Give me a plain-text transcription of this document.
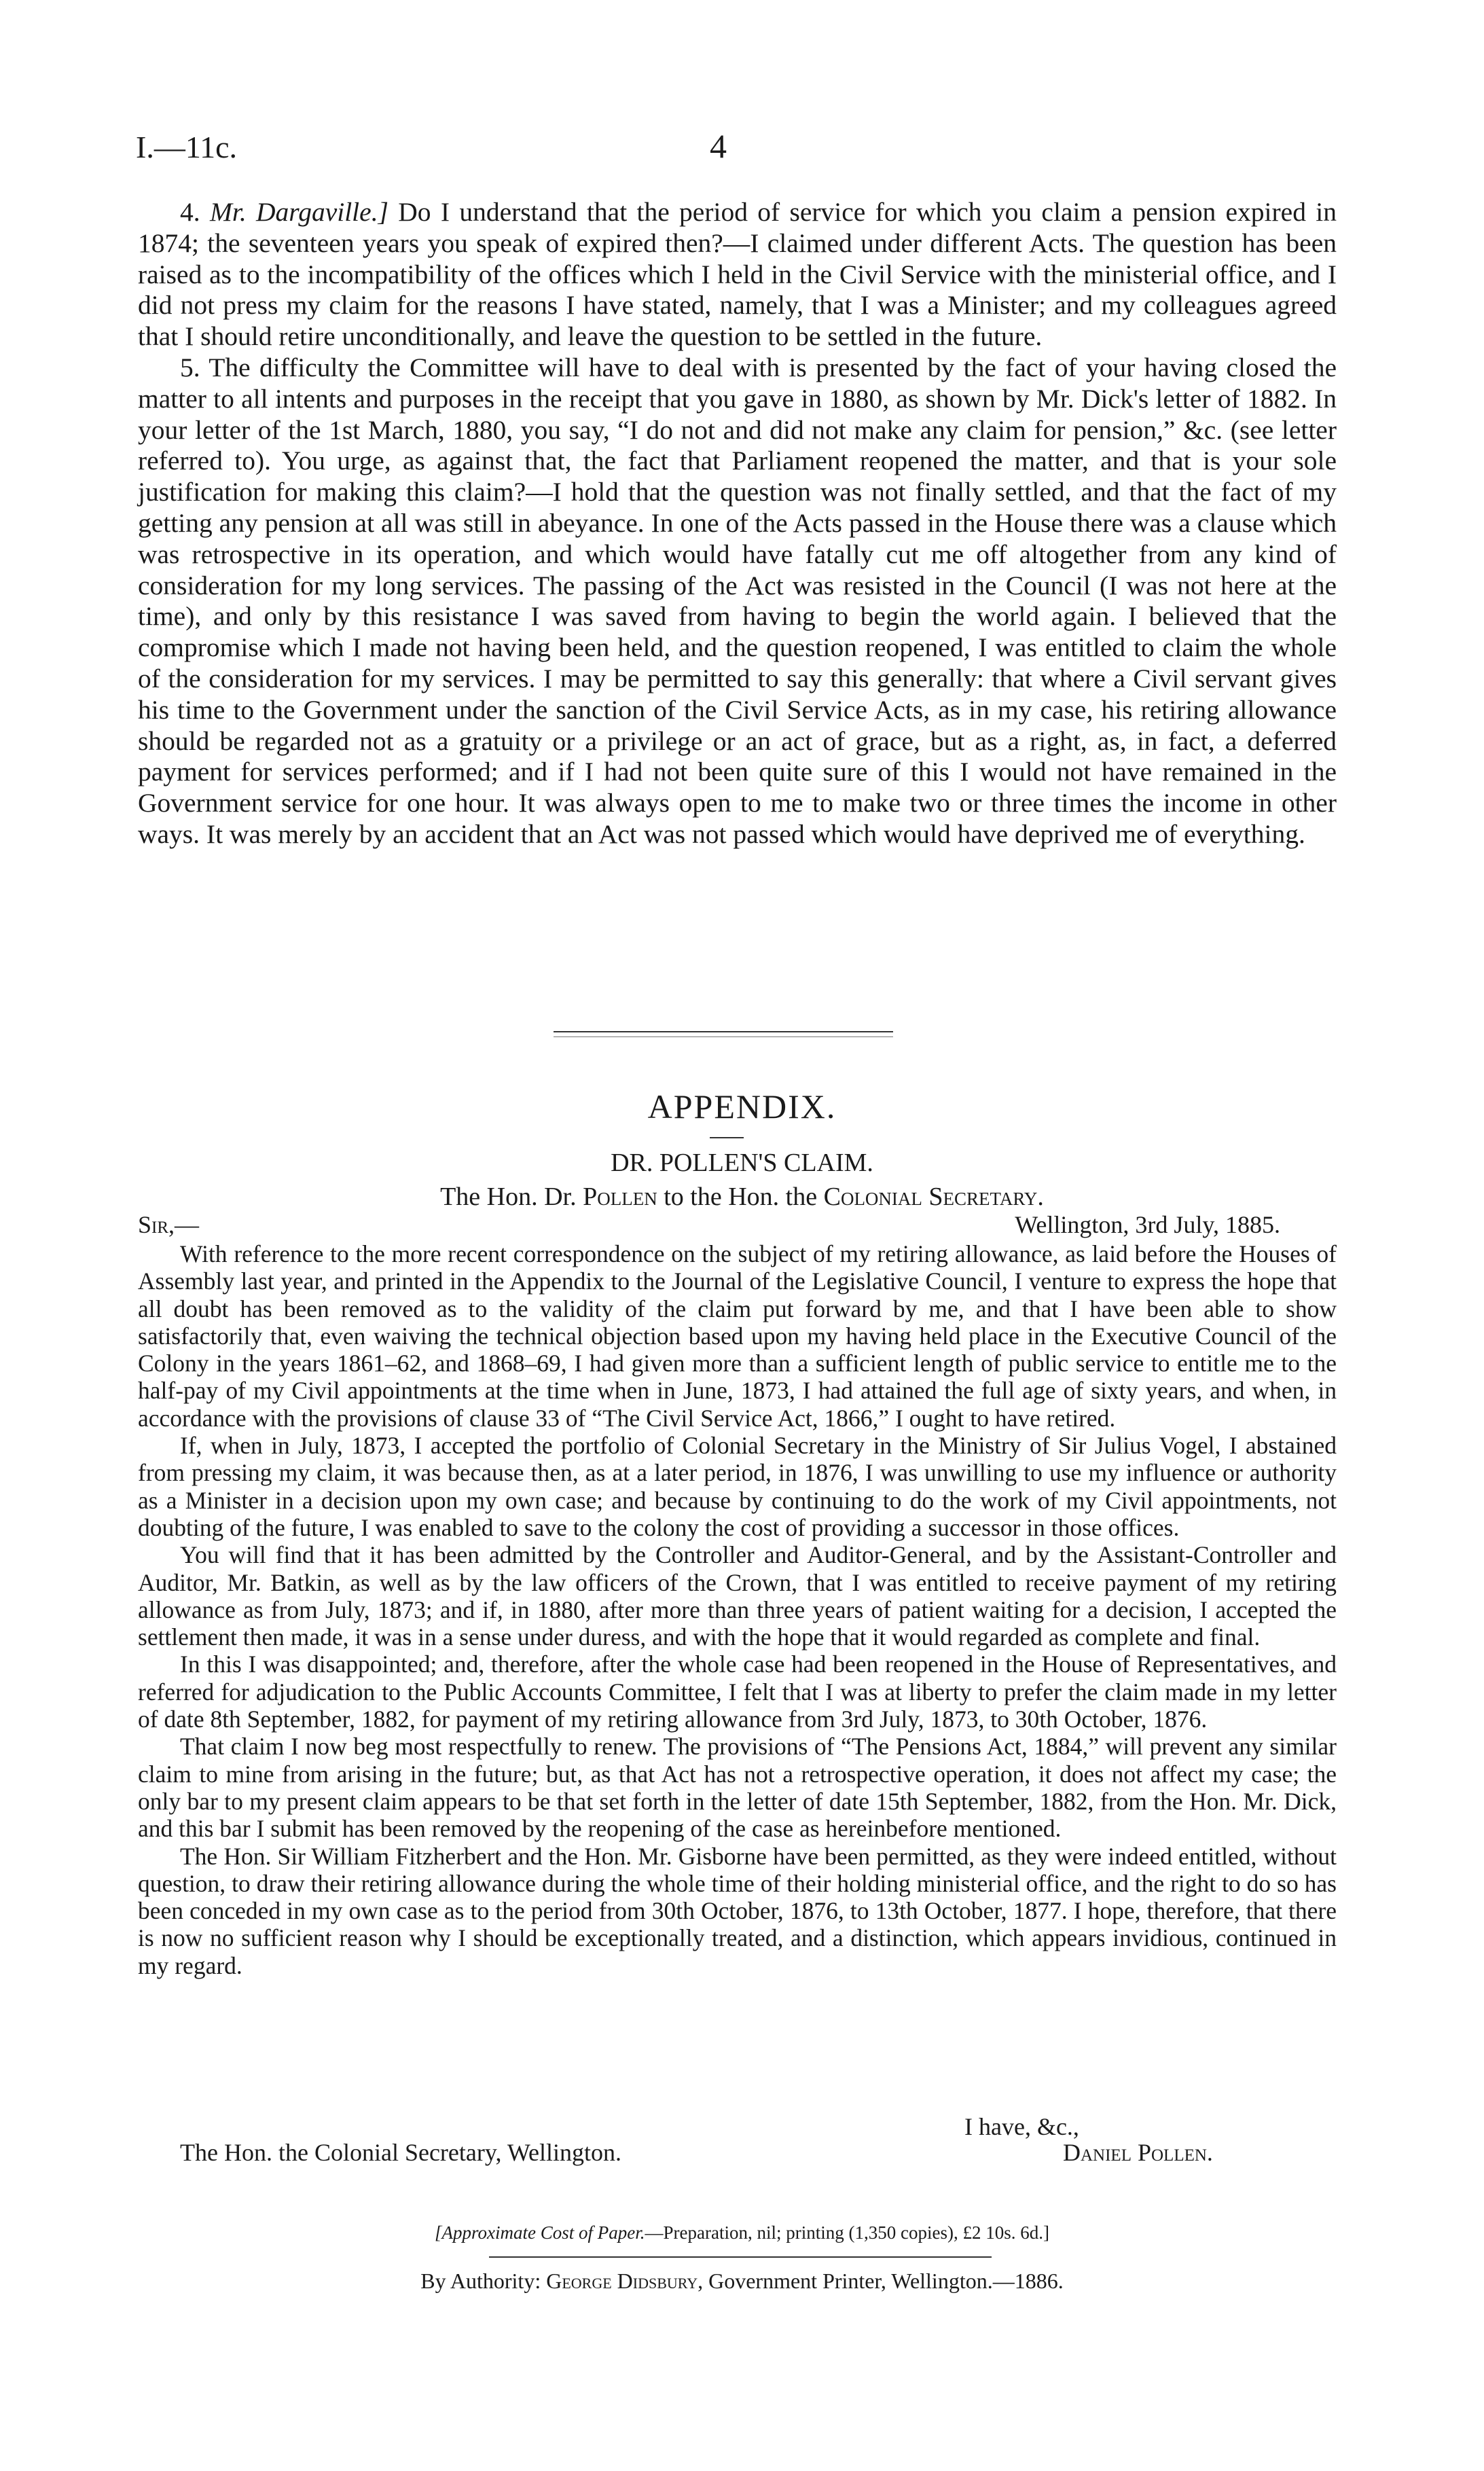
I.—11c.	4

4. Mr. Dargaville.] Do I understand that the period of service for which you claim a pension expired in 1874; the seventeen years you speak of expired then?—I claimed under different Acts. The question has been raised as to the incompatibility of the offices which I held in the Civil Service with the ministerial office, and I did not press my claim for the reasons I have stated, namely, that I was a Minister; and my colleagues agreed that I should retire unconditionally, and leave the question to be settled in the future.

5. The difficulty the Committee will have to deal with is presented by the fact of your having closed the matter to all intents and purposes in the receipt that you gave in 1880, as shown by Mr. Dick's letter of 1882. In your letter of the 1st March, 1880, you say, “I do not and did not make any claim for pension,” &c. (see letter referred to). You urge, as against that, the fact that Parliament reopened the matter, and that is your sole justification for making this claim?—I hold that the question was not finally settled, and that the fact of my getting any pension at all was still in abeyance. In one of the Acts passed in the House there was a clause which was retrospective in its operation, and which would have fatally cut me off altogether from any kind of consideration for my long services. The passing of the Act was resisted in the Council (I was not here at the time), and only by this resistance I was saved from having to begin the world again. I believed that the compromise which I made not having been held, and the question reopened, I was entitled to claim the whole of the consideration for my services. I may be permitted to say this generally: that where a Civil servant gives his time to the Government under the sanction of the Civil Service Acts, as in my case, his retiring allowance should be regarded not as a gratuity or a privilege or an act of grace, but as a right, as, in fact, a deferred payment for services performed; and if I had not been quite sure of this I would not have remained in the Government service for one hour. It was always open to me to make two or three times the income in other ways. It was merely by an accident that an Act was not passed which would have deprived me of everything.

APPENDIX.
DR. POLLEN'S CLAIM.
The Hon. Dr. Pollen to the Hon. the Colonial Secretary.
Sir,—	Wellington, 3rd July, 1885.

With reference to the more recent correspondence on the subject of my retiring allowance, as laid before the Houses of Assembly last year, and printed in the Appendix to the Journal of the Legislative Council, I venture to express the hope that all doubt has been removed as to the validity of the claim put forward by me, and that I have been able to show satisfactorily that, even waiving the technical objection based upon my having held place in the Executive Council of the Colony in the years 1861–62, and 1868–69, I had given more than a sufficient length of public service to entitle me to the half-pay of my Civil appointments at the time when in June, 1873, I had attained the full age of sixty years, and when, in accordance with the provisions of clause 33 of “The Civil Service Act, 1866,” I ought to have retired.

If, when in July, 1873, I accepted the portfolio of Colonial Secretary in the Ministry of Sir Julius Vogel, I abstained from pressing my claim, it was because then, as at a later period, in 1876, I was unwilling to use my influence or authority as a Minister in a decision upon my own case; and because by continuing to do the work of my Civil appointments, not doubting of the future, I was enabled to save to the colony the cost of providing a successor in those offices.

You will find that it has been admitted by the Controller and Auditor-General, and by the Assistant-Controller and Auditor, Mr. Batkin, as well as by the law officers of the Crown, that I was entitled to receive payment of my retiring allowance as from July, 1873; and if, in 1880, after more than three years of patient waiting for a decision, I accepted the settlement then made, it was in a sense under duress, and with the hope that it would regarded as complete and final.

In this I was disappointed; and, therefore, after the whole case had been reopened in the House of Representatives, and referred for adjudication to the Public Accounts Committee, I felt that I was at liberty to prefer the claim made in my letter of date 8th September, 1882, for payment of my retiring allowance from 3rd July, 1873, to 30th October, 1876.

That claim I now beg most respectfully to renew. The provisions of “The Pensions Act, 1884,” will prevent any similar claim to mine from arising in the future; but, as that Act has not a retrospective operation, it does not affect my case; the only bar to my present claim appears to be that set forth in the letter of date 15th September, 1882, from the Hon. Mr. Dick, and this bar I submit has been removed by the reopening of the case as hereinbefore mentioned.

The Hon. Sir William Fitzherbert and the Hon. Mr. Gisborne have been permitted, as they were indeed entitled, without question, to draw their retiring allowance during the whole time of their holding ministerial office, and the right to do so has been conceded in my own case as to the period from 30th October, 1876, to 13th October, 1877. I hope, therefore, that there is now no sufficient reason why I should be exceptionally treated, and a distinction, which appears invidious, continued in my regard.

I have, &c.,
The Hon. the Colonial Secretary, Wellington.	Daniel Pollen.
[Approximate Cost of Paper.—Preparation, nil; printing (1,350 copies), £2 10s. 6d.]
By Authority: George Didsbury, Government Printer, Wellington.—1886.
